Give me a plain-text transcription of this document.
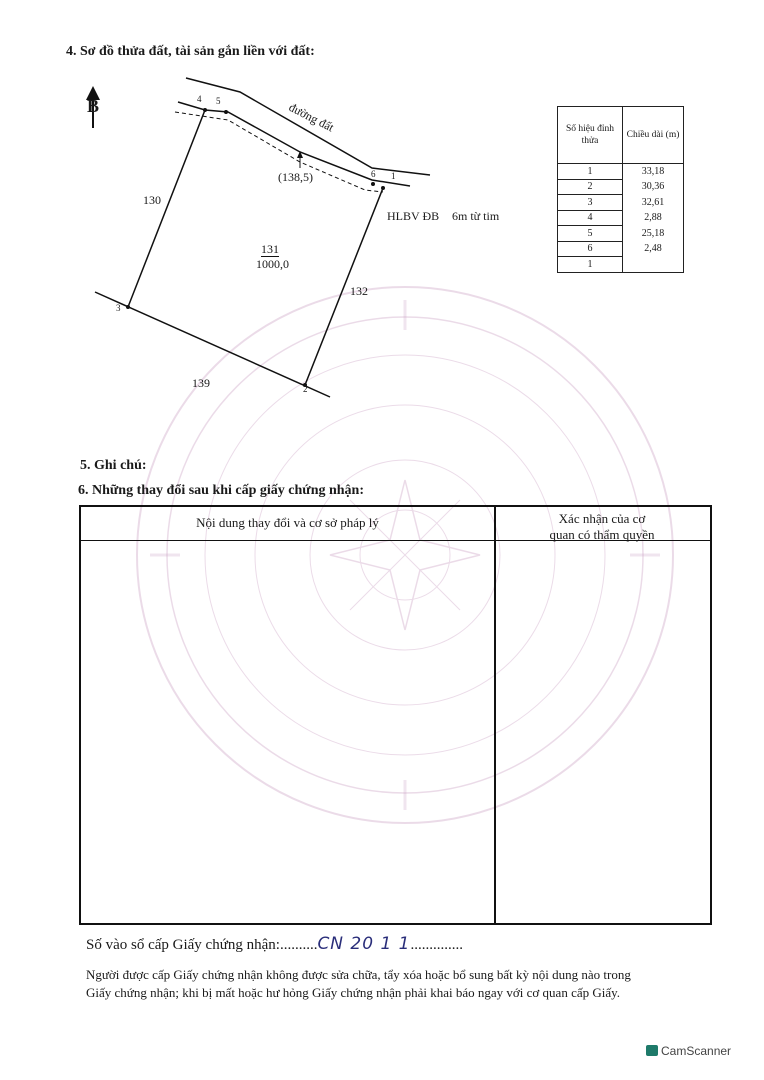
4. Sơ đồ thửa đất, tài sản gắn liền với đất:
B	đường đất
(138,5)
HLBV ĐB 6m từ tim
130
132
139
131
1000,0
1
2
3
4 5
6
Số hiệu đỉnh thửa	Chiều dài (m)
1	33,18
2	30,36
3	32,61
4	2,88
5	25,18
6	2,48
1	
5. Ghi chú:
6. Những thay đổi sau khi cấp giấy chứng nhận:
Nội dung thay đổi và cơ sở pháp lý	Xác nhận của cơ
quan có thẩm quyền
Số vào sổ cấp Giấy chứng nhận:..........CN 20 1 1..............
Người được cấp Giấy chứng nhận không được sửa chữa, tẩy xóa hoặc bổ sung bất kỳ nội dung nào trong
Giấy chứng nhận; khi bị mất hoặc hư hỏng Giấy chứng nhận phải khai báo ngay với cơ quan cấp Giấy.
CamScanner
